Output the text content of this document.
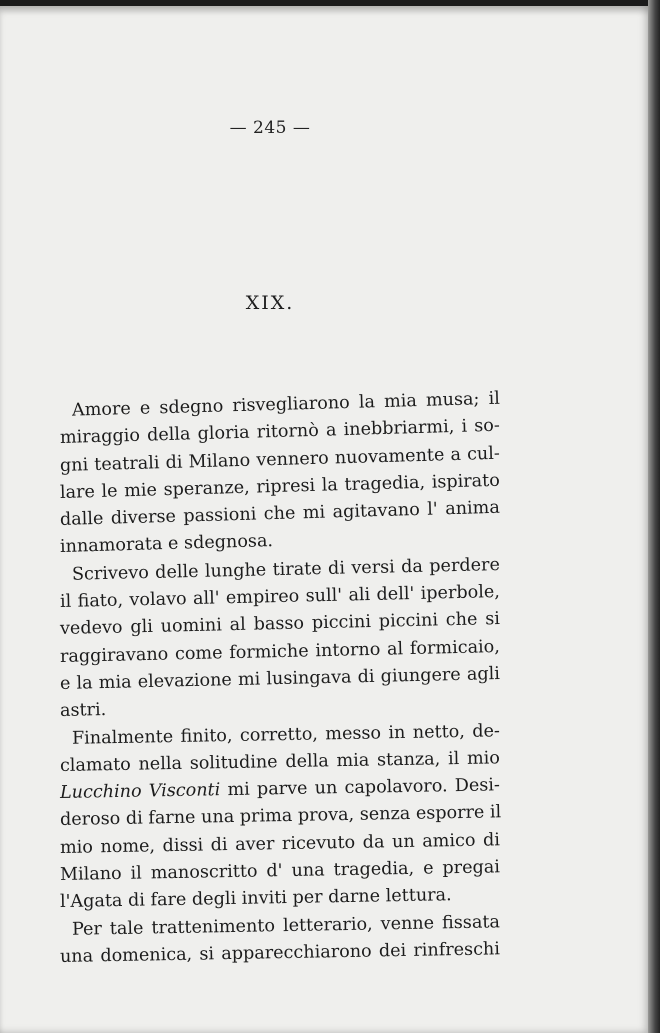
— 245 —
XIX.
Amore e sdegno risvegliarono la mia musa; il
miraggio della gloria ritornò a inebbriarmi, i so-
gni teatrali di Milano vennero nuovamente a cul-
lare le mie speranze, ripresi la tragedia, ispirato
dalle diverse passioni che mi agitavano l' anima
innamorata e sdegnosa.
Scrivevo delle lunghe tirate di versi da perdere
il fiato, volavo all' empireo sull' ali dell' iperbole,
vedevo gli uomini al basso piccini piccini che si
raggiravano come formiche intorno al formicaio,
e la mia elevazione mi lusingava di giungere agli
astri.
Finalmente finito, corretto, messo in netto, de-
clamato nella solitudine della mia stanza, il mio
Lucchino Visconti mi parve un capolavoro. Desi-
deroso di farne una prima prova, senza esporre il
mio nome, dissi di aver ricevuto da un amico di
Milano il manoscritto d' una tragedia, e pregai
l'Agata di fare degli inviti per darne lettura.
Per tale trattenimento letterario, venne fissata
una domenica, si apparecchiarono dei rinfreschi
